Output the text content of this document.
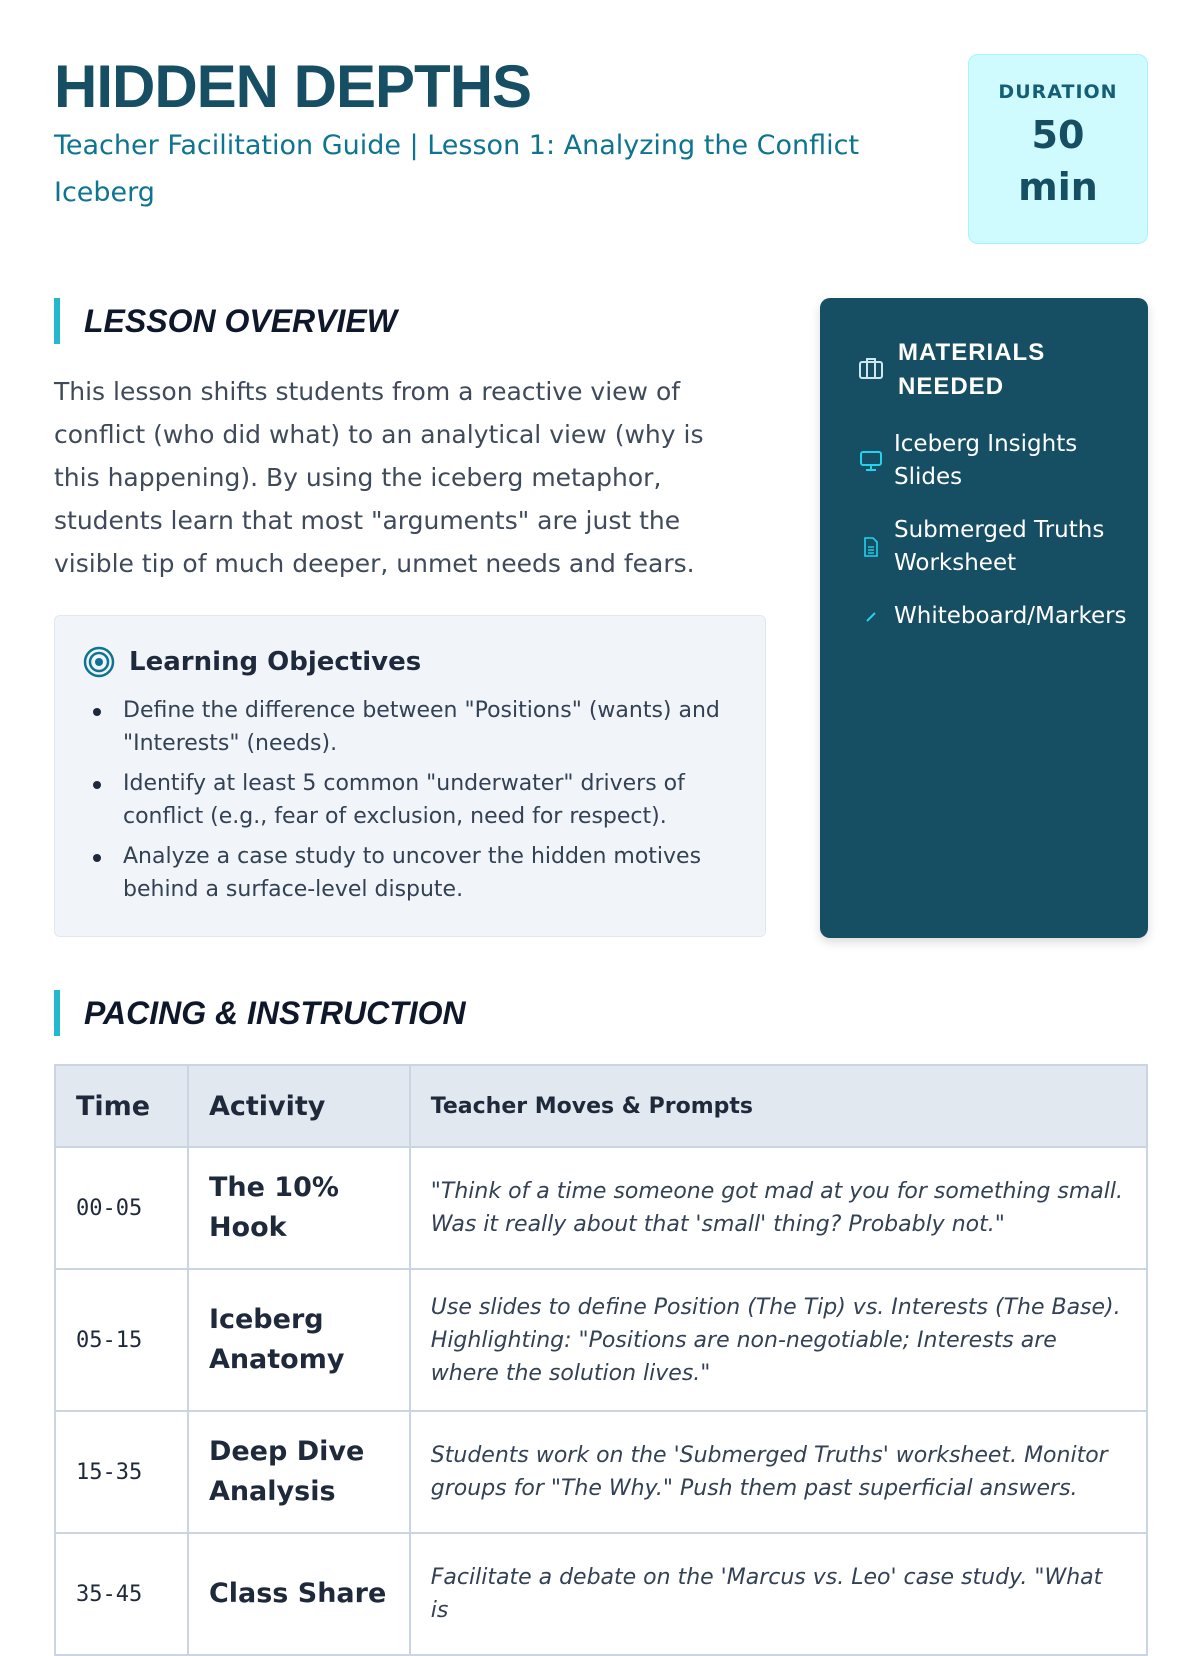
HIDDEN DEPTHS
Teacher Facilitation Guide | Lesson 1: Analyzing the Conflict Iceberg
DURATION
50 min
LESSON OVERVIEW

This lesson shifts students from a reactive view of conflict (who did what) to an analytical view (why is this happening). By using the iceberg metaphor, students learn that most "arguments" are just the visible tip of much deeper, unmet needs and fears.

Learning Objectives
Define the difference between "Positions" (wants) and "Interests" (needs).
Identify at least 5 common "underwater" drivers of conflict (e.g., fear of exclusion, need for respect).
Analyze a case study to uncover the hidden motives behind a surface-level dispute.
MATERIALS NEEDED
Iceberg Insights Slides
Submerged Truths Worksheet
Whiteboard/Markers
PACING & INSTRUCTION
Time	Activity	Teacher Moves & Prompts
00-05	The 10% Hook	"Think of a time someone got mad at you for something small. Was it really about that 'small' thing? Probably not."
05-15	Iceberg Anatomy	Use slides to define Position (The Tip) vs. Interests (The Base). Highlighting: "Positions are non-negotiable; Interests are where the solution lives."
15-35	Deep Dive Analysis	Students work on the 'Submerged Truths' worksheet. Monitor groups for "The Why." Push them past superficial answers.
35-45	Class Share	Facilitate a debate on the 'Marcus vs. Leo' case study. "What is
